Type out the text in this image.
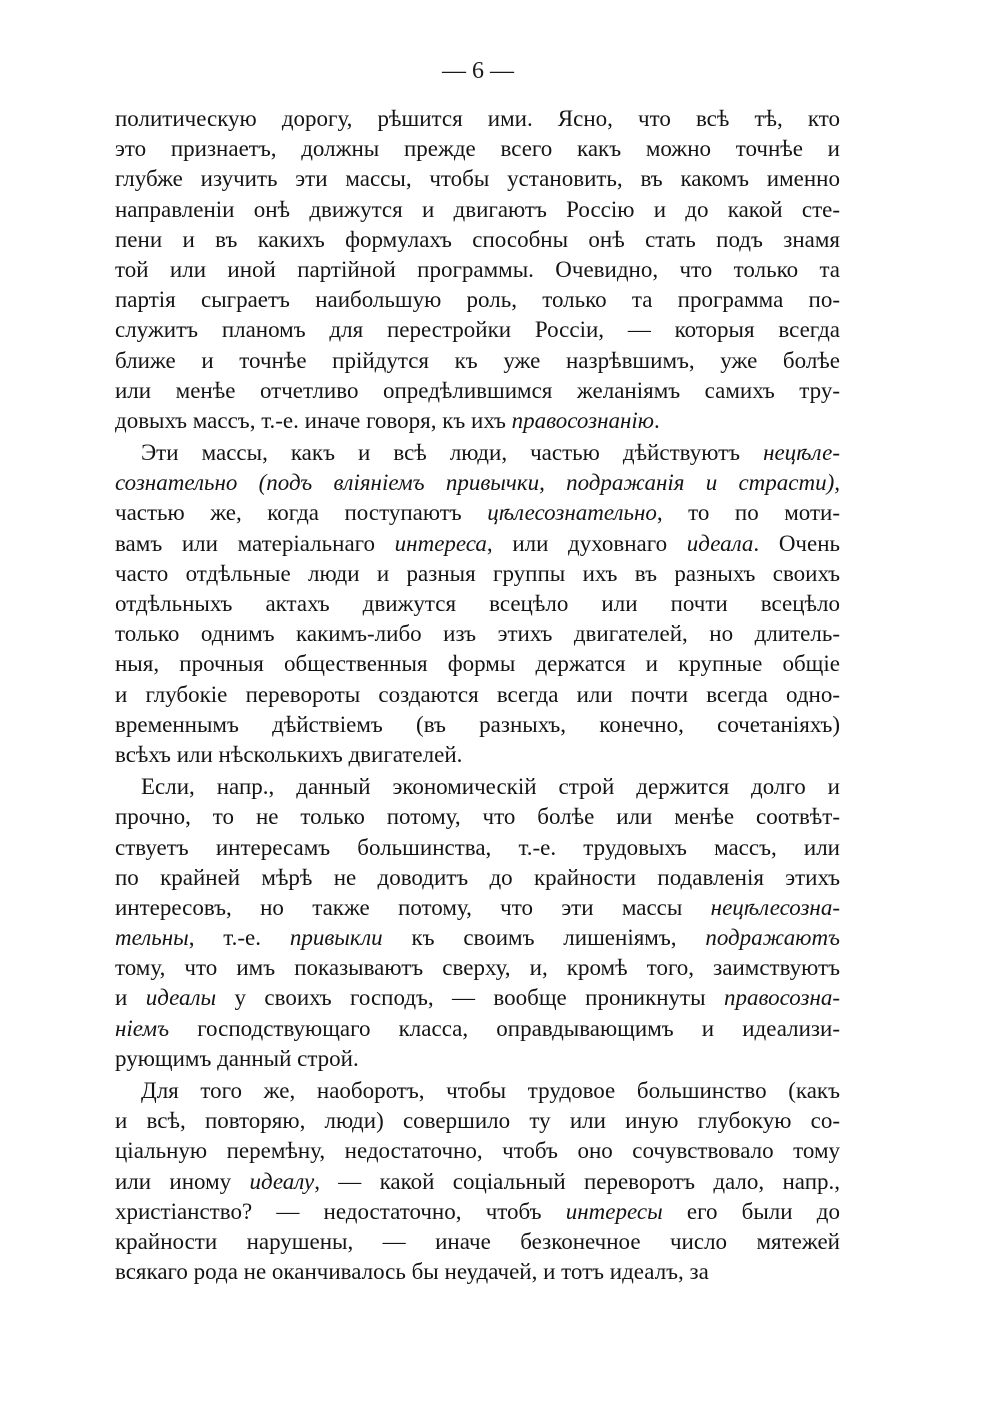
— 6 —
политическую дорогу, рѣшится ими. Ясно, что всѣ тѣ, кто
это признаетъ, должны прежде всего какъ можно точнѣе и
глубже изучить эти массы, чтобы установить, въ какомъ именно
направленіи онѣ движутся и двигаютъ Россію и до какой сте-
пени и въ какихъ формулахъ способны онѣ стать подъ знамя
той или иной партійной программы. Очевидно, что только та
партія сыграетъ наибольшую роль, только та программа по-
служитъ планомъ для перестройки Россіи, — которыя всегда
ближе и точнѣе прійдутся къ уже назрѣвшимъ, уже болѣе
или менѣе отчетливо опредѣлившимся желаніямъ самихъ тру-
довыхъ массъ, т.-е. иначе говоря, къ ихъ правосознанію.
Эти массы, какъ и всѣ люди, частью дѣйствуютъ нецѣле-
сознательно (подъ вліяніемъ привычки, подражанія и страсти),
частью же, когда поступаютъ цѣлесознательно, то по моти-
вамъ или матеріальнаго интереса, или духовнаго идеала. Очень
часто отдѣльные люди и разныя группы ихъ въ разныхъ своихъ
отдѣльныхъ актахъ движутся всецѣло или почти всецѣло
только однимъ какимъ-либо изъ этихъ двигателей, но длитель-
ныя, прочныя общественныя формы держатся и крупные общіе
и глубокіе перевороты создаются всегда или почти всегда одно-
временнымъ дѣйствіемъ (въ разныхъ, конечно, сочетаніяхъ)
всѣхъ или нѣсколькихъ двигателей.
Если, напр., данный экономическій строй держится долго и
прочно, то не только потому, что болѣе или менѣе соотвѣт-
ствуетъ интересамъ большинства, т.-е. трудовыхъ массъ, или
по крайней мѣрѣ не доводитъ до крайности подавленія этихъ
интересовъ, но также потому, что эти массы нецѣлесозна-
тельны, т.-е. привыкли къ своимъ лишеніямъ, подражаютъ
тому, что имъ показываютъ сверху, и, кромѣ того, заимствуютъ
и идеалы у своихъ господъ, — вообще проникнуты правосозна-
ніемъ господствующаго класса, оправдывающимъ и идеализи-
рующимъ данный строй.
Для того же, наоборотъ, чтобы трудовое большинство (какъ
и всѣ, повторяю, люди) совершило ту или иную глубокую со-
ціальную перемѣну, недостаточно, чтобъ оно сочувствовало тому
или иному идеалу, — какой соціальный переворотъ дало, напр.,
христіанство? — недостаточно, чтобъ интересы его были до
крайности нарушены, — иначе безконечное число мятежей
всякаго рода не оканчивалось бы неудачей, и тотъ идеалъ, за
